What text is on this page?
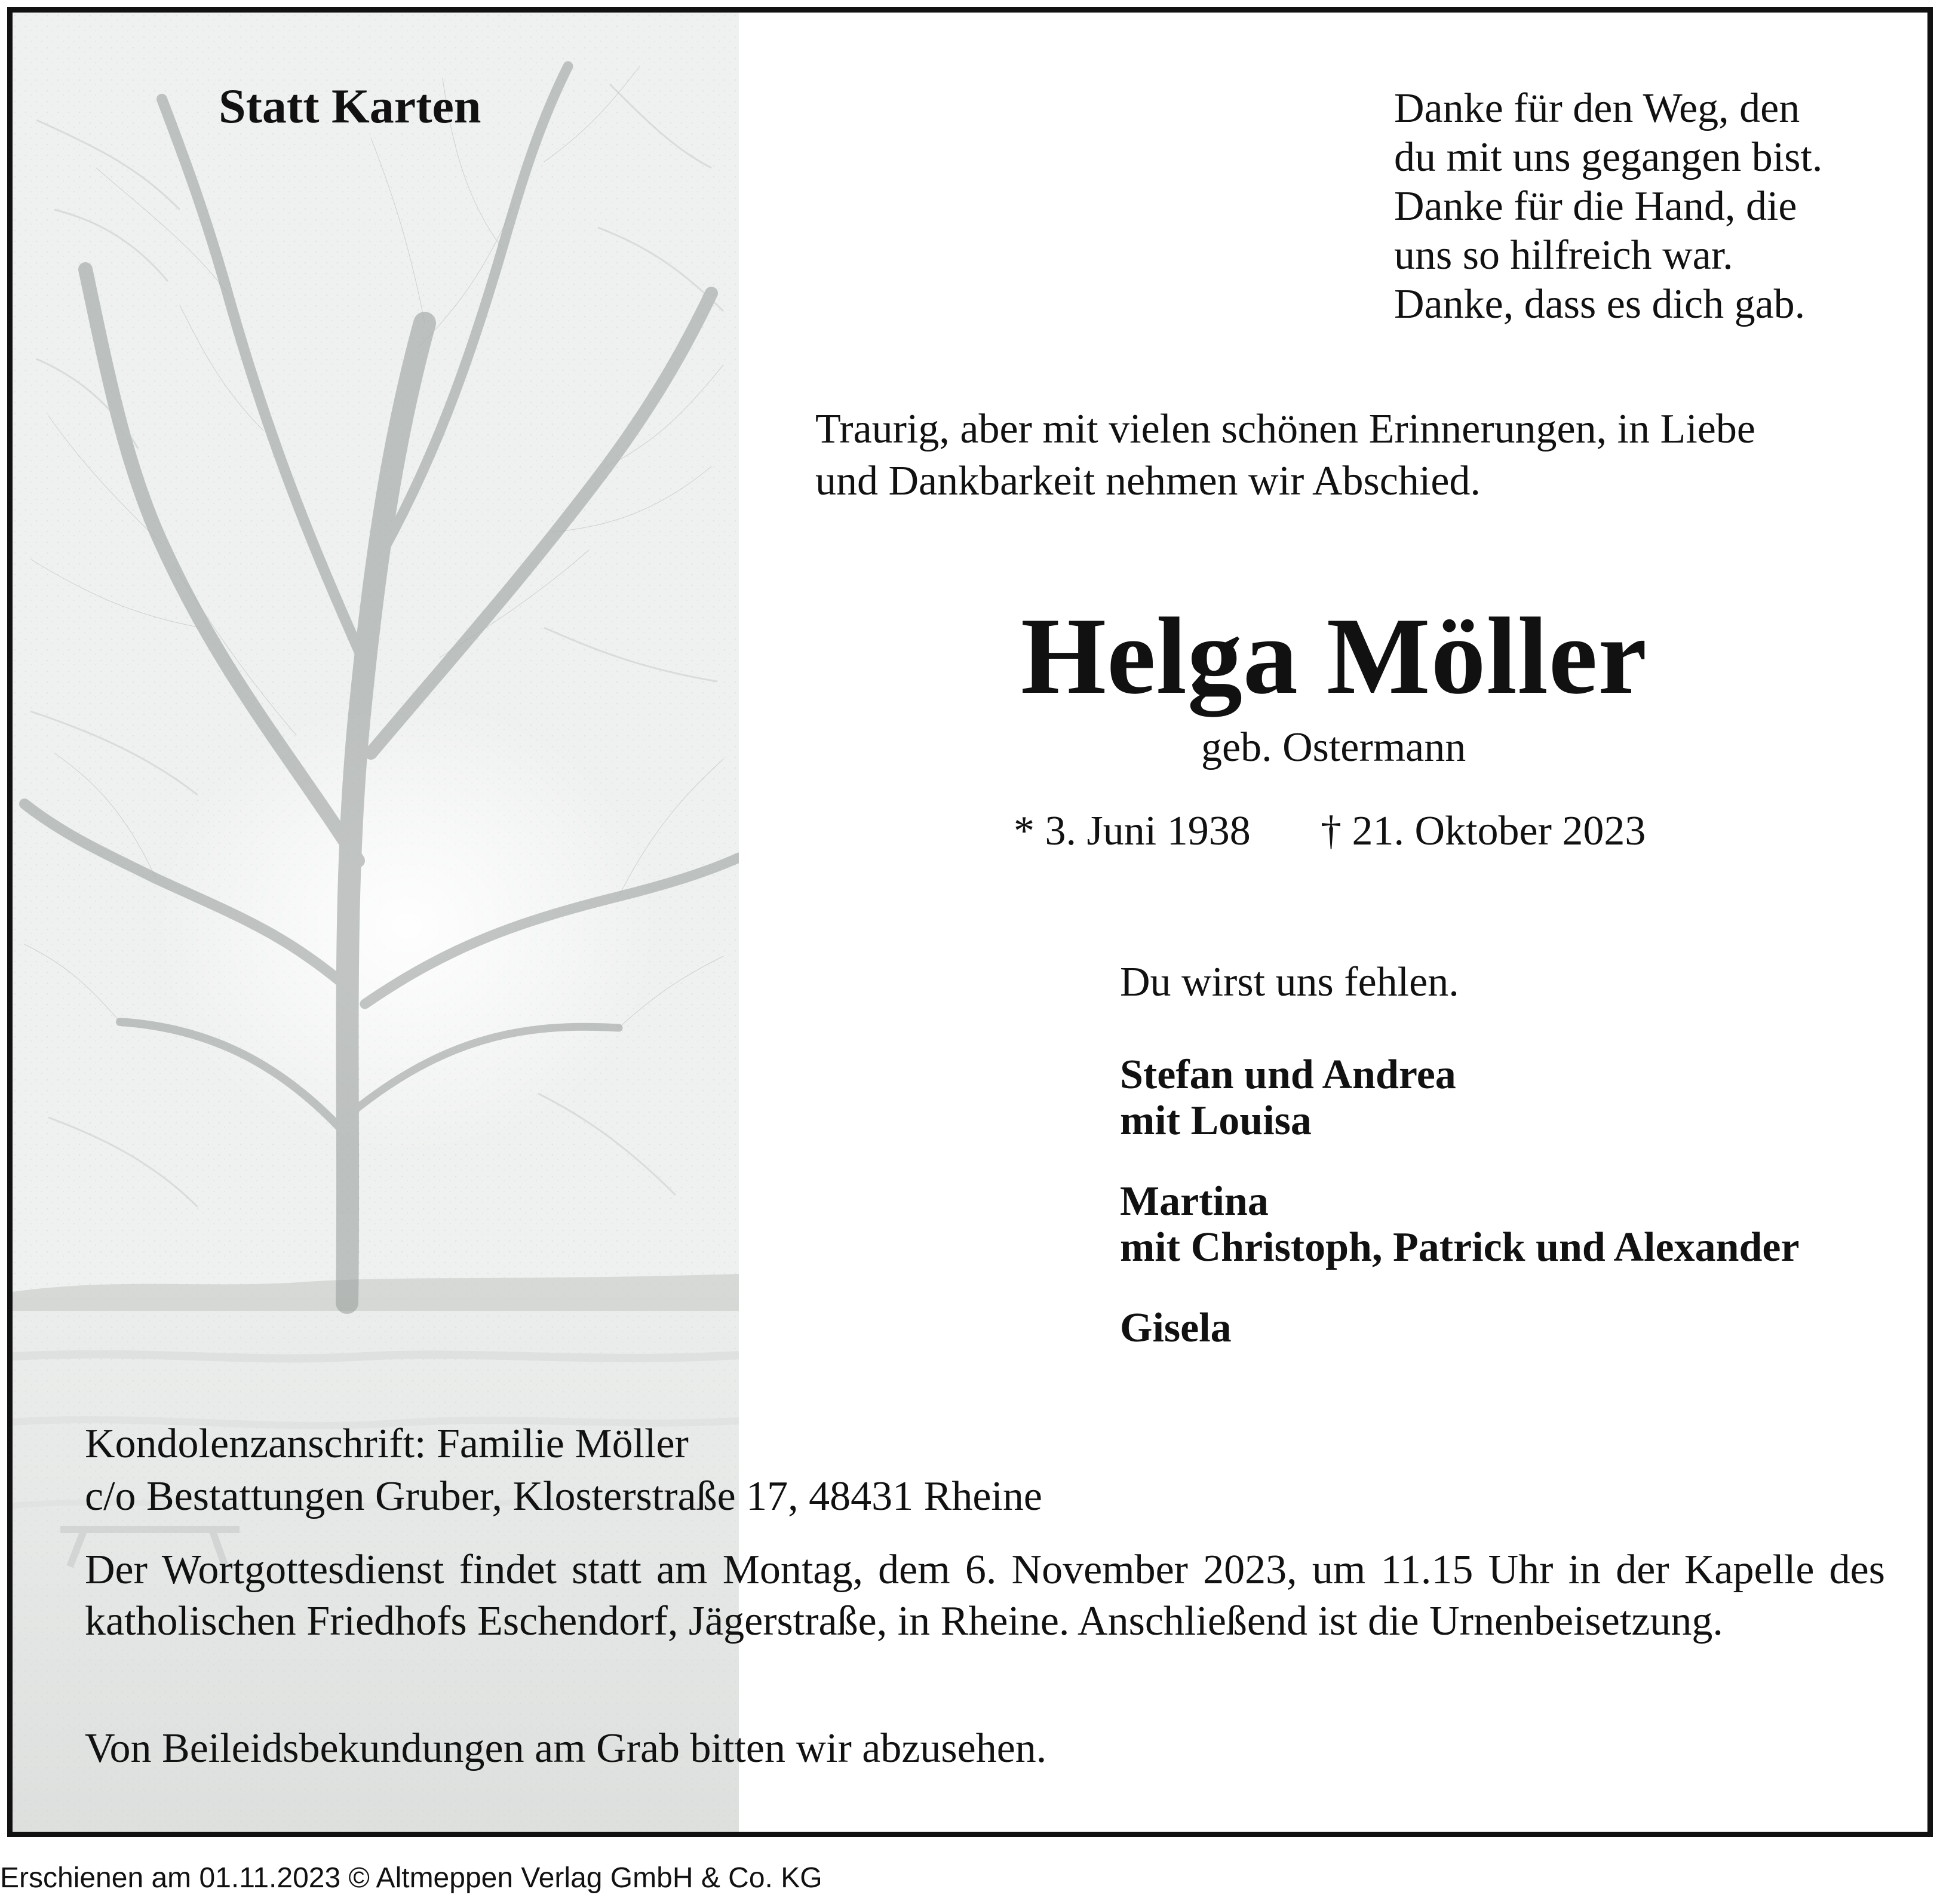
Statt Karten	Danke für den Weg, den
du mit uns gegangen bist.
Danke für die Hand, die
uns so hilfreich war.
Danke, dass es dich gab.
Traurig, aber mit vielen schönen Erinnerungen, in Liebe
und Dankbarkeit nehmen wir Abschied.
Helga Möller
geb. Ostermann
* 3. Juni 1938 † 21. Oktober 2023
Du wirst uns fehlen.
Stefan und Andrea
mit Louisa
Martina
mit Christoph, Patrick und Alexander
Gisela
Kondolenzanschrift: Familie Möller
c/o Bestattungen Gruber, Klosterstraße 17, 48431 Rheine
Der Wortgottesdienst findet statt am Montag, dem 6. November 2023, um 11.15 Uhr in der Kapelle des katholischen Friedhofs Eschendorf, Jägerstraße, in Rheine. Anschließend ist die Urnenbeisetzung.
Von Beileidsbekundungen am Grab bitten wir abzusehen.
Erschienen am 01.11.2023 © Altmeppen Verlag GmbH & Co. KG
